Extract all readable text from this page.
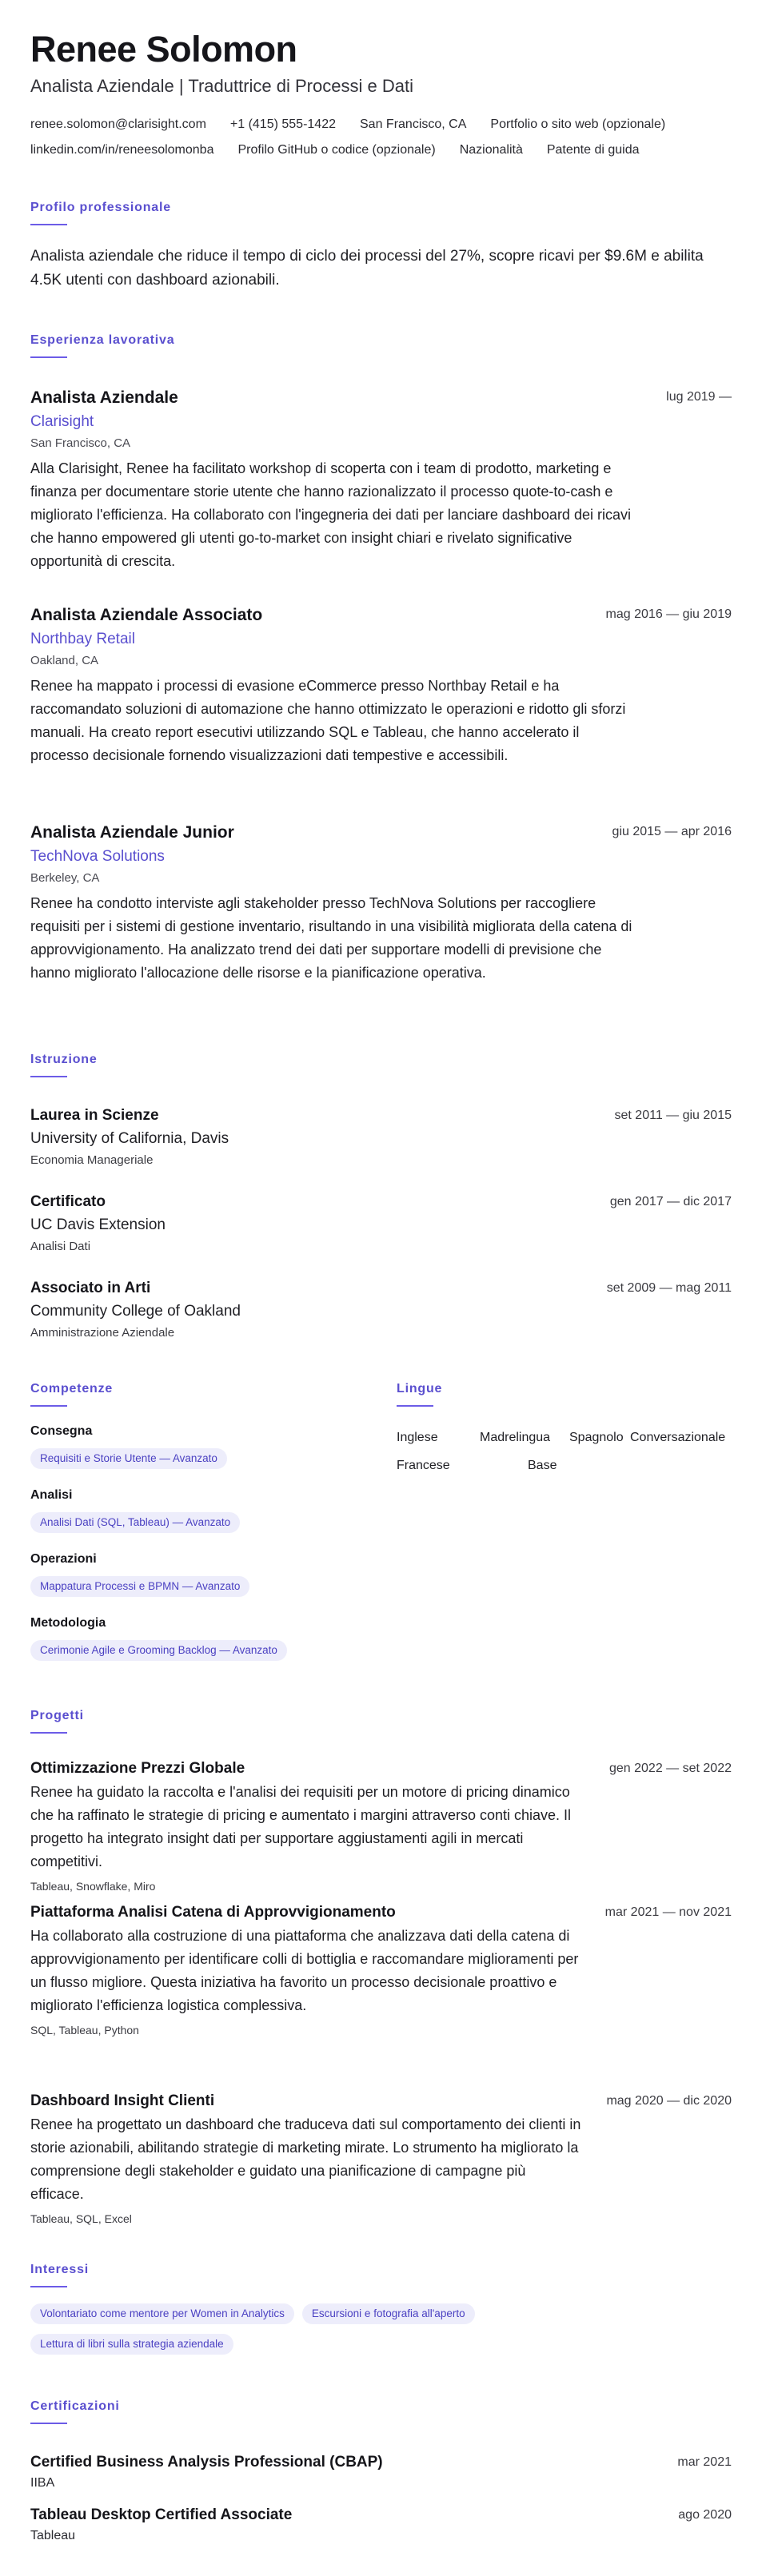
Renee Solomon
Analista Aziendale | Traduttrice di Processi e Dati
renee.solomon@clarisight.com +1 (415) 555-1422 San Francisco, CA Portfolio o sito web (opzionale)
linkedin.com/in/reneesolomonba Profilo GitHub o codice (opzionale) Nazionalità Patente di guida
Profilo professionale
Analista aziendale che riduce il tempo di ciclo dei processi del 27%, scopre ricavi per $9.6M e abilita 4.5K utenti con dashboard azionabili.
Esperienza lavorativa
Analista Aziendale	lug 2019 —
Clarisight
San Francisco, CA
Alla Clarisight, Renee ha facilitato workshop di scoperta con i team di prodotto, marketing e finanza per documentare storie utente che hanno razionalizzato il processo quote-to-cash e migliorato l'efficienza. Ha collaborato con l'ingegneria dei dati per lanciare dashboard dei ricavi che hanno empowered gli utenti go-to-market con insight chiari e rivelato significative opportunità di crescita.
Analista Aziendale Associato	mag 2016 — giu 2019
Northbay Retail
Oakland, CA
Renee ha mappato i processi di evasione eCommerce presso Northbay Retail e ha raccomandato soluzioni di automazione che hanno ottimizzato le operazioni e ridotto gli sforzi manuali. Ha creato report esecutivi utilizzando SQL e Tableau, che hanno accelerato il processo decisionale fornendo visualizzazioni dati tempestive e accessibili.
Analista Aziendale Junior	giu 2015 — apr 2016
TechNova Solutions
Berkeley, CA
Renee ha condotto interviste agli stakeholder presso TechNova Solutions per raccogliere requisiti per i sistemi di gestione inventario, risultando in una visibilità migliorata della catena di approvvigionamento. Ha analizzato trend dei dati per supportare modelli di previsione che hanno migliorato l'allocazione delle risorse e la pianificazione operativa.
Istruzione
Laurea in Scienze	set 2011 — giu 2015
University of California, Davis
Economia Manageriale
Certificato	gen 2017 — dic 2017
UC Davis Extension
Analisi Dati
Associato in Arti	set 2009 — mag 2011
Community College of Oakland
Amministrazione Aziendale
Competenze
Consegna
Requisiti e Storie Utente — Avanzato
Analisi
Analisi Dati (SQL, Tableau) — Avanzato
Operazioni
Mappatura Processi e BPMN — Avanzato
Metodologia
Cerimonie Agile e Grooming Backlog — Avanzato
Lingue
Inglese	Madrelingua Spagnolo Conversazionale
Francese	Base
Progetti
Ottimizzazione Prezzi Globale	gen 2022 — set 2022
Renee ha guidato la raccolta e l'analisi dei requisiti per un motore di pricing dinamico che ha raffinato le strategie di pricing e aumentato i margini attraverso conti chiave. Il progetto ha integrato insight dati per supportare aggiustamenti agili in mercati competitivi.
Tableau, Snowflake, Miro
Piattaforma Analisi Catena di Approvvigionamento	mar 2021 — nov 2021
Ha collaborato alla costruzione di una piattaforma che analizzava dati della catena di approvvigionamento per identificare colli di bottiglia e raccomandare miglioramenti per un flusso migliore. Questa iniziativa ha favorito un processo decisionale proattivo e migliorato l'efficienza logistica complessiva.
SQL, Tableau, Python
Dashboard Insight Clienti	mag 2020 — dic 2020
Renee ha progettato un dashboard che traduceva dati sul comportamento dei clienti in storie azionabili, abilitando strategie di marketing mirate. Lo strumento ha migliorato la comprensione degli stakeholder e guidato una pianificazione di campagne più efficace.
Tableau, SQL, Excel
Interessi
Volontariato come mentore per Women in Analytics	Escursioni e fotografia all'aperto
Lettura di libri sulla strategia aziendale
Certificazioni
Certified Business Analysis Professional (CBAP)	mar 2021
IIBA
Tableau Desktop Certified Associate	ago 2020
Tableau
